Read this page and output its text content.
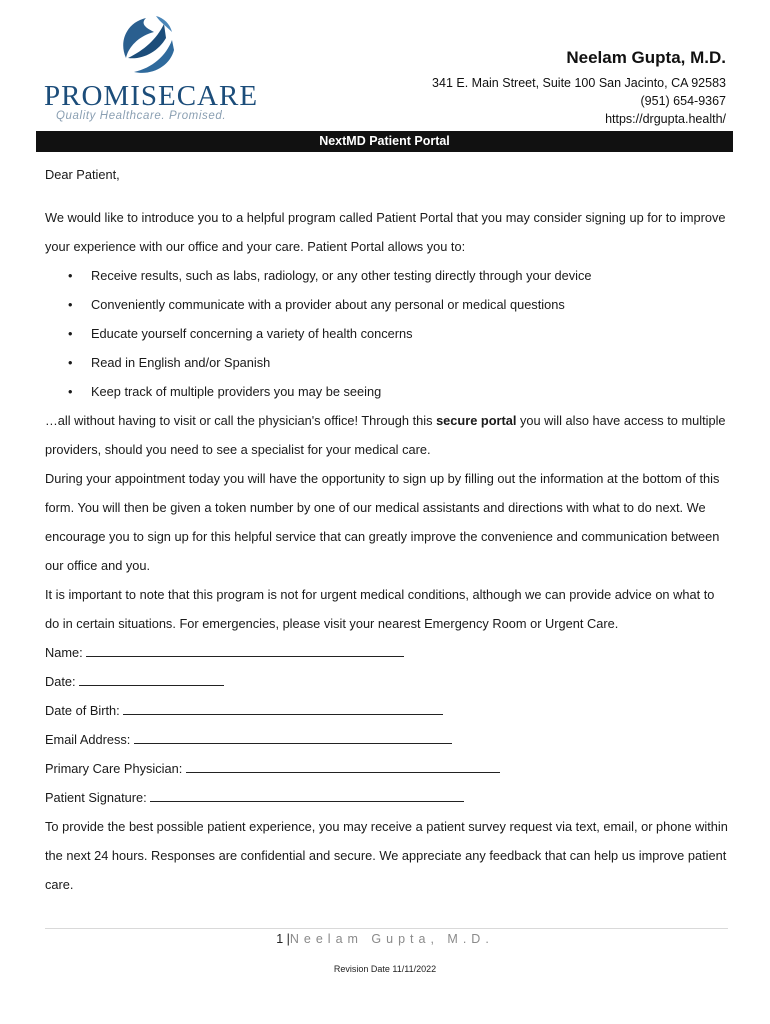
PROMISECARE
Quality Healthcare. Promised.
Neelam Gupta, M.D.
341 E. Main Street, Suite 100 San Jacinto, CA 92583
(951) 654-9367
https://drgupta.health/
NextMD Patient Portal

Dear Patient,

We would like to introduce you to a helpful program called Patient Portal that you may consider signing up for to improve your experience with our office and your care. Patient Portal allows you to:

• Receive results, such as labs, radiology, or any other testing directly through your device
• Conveniently communicate with a provider about any personal or medical questions
• Educate yourself concerning a variety of health concerns
• Read in English and/or Spanish
• Keep track of multiple providers you may be seeing

…all without having to visit or call the physician's office! Through this secure portal you will also have access to multiple providers, should you need to see a specialist for your medical care.

During your appointment today you will have the opportunity to sign up by filling out the information at the bottom of this form. You will then be given a token number by one of our medical assistants and directions with what to do next. We encourage you to sign up for this helpful service that can greatly improve the convenience and communication between our office and you.

It is important to note that this program is not for urgent medical conditions, although we can provide advice on what to do in certain situations. For emergencies, please visit your nearest Emergency Room or Urgent Care.

Name:
Date:
Date of Birth:
Email Address:
Primary Care Physician:
Patient Signature:

To provide the best possible patient experience, you may receive a patient survey request via text, email, or phone within the next 24 hours. Responses are confidential and secure. We appreciate any feedback that can help us improve patient care.

1 |Neelam Gupta, M.D.
Revision Date 11/11/2022
